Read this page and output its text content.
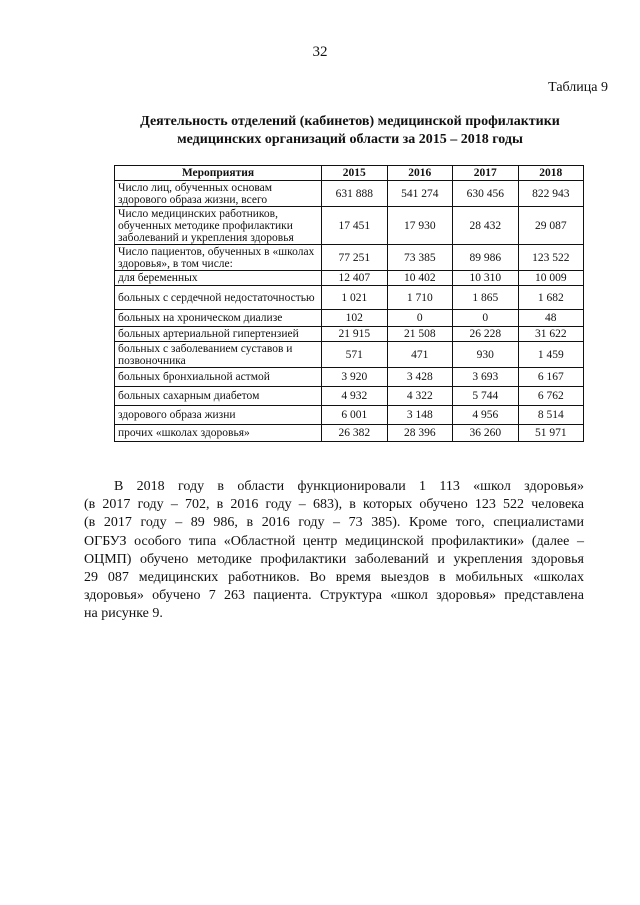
32
Таблица 9
Деятельность отделений (кабинетов) медицинской профилактики
медицинских организаций области за 2015 – 2018 годы
Мероприятия	2015	2016	2017	2018
Число лиц, обученных основам здорового образа жизни, всего	631 888	541 274	630 456	822 943
Число медицинских работников, обученных методике профилактики заболеваний и укрепления здоровья	17 451	17 930	28 432	29 087
Число пациентов, обученных в «школах здоровья», в том числе:	77 251	73 385	89 986	123 522
для беременных	12 407	10 402	10 310	10 009
больных с сердечной недостаточностью	1 021	1 710	1 865	1 682
больных на хроническом диализе	102	0	0	48
больных артериальной гипертензией	21 915	21 508	26 228	31 622
больных с заболеванием суставов и позвоночника	571	471	930	1 459
больных бронхиальной астмой	3 920	3 428	3 693	6 167
больных сахарным диабетом	4 932	4 322	5 744	6 762
здорового образа жизни	6 001	3 148	4 956	8 514
прочих «школах здоровья»	26 382	28 396	36 260	51 971
В 2018 году в области функционировали 1 113 «школ здоровья»
(в 2017 году – 702, в 2016 году – 683), в которых обучено 123 522 человека
(в 2017 году – 89 986, в 2016 году – 73 385). Кроме того, специалистами
ОГБУЗ особого типа «Областной центр медицинской профилактики» (далее –
ОЦМП) обучено методике профилактики заболеваний и укрепления здоровья
29 087 медицинских работников. Во время выездов в мобильных «школах
здоровья» обучено 7 263 пациента. Структура «школ здоровья» представлена
на рисунке 9.
